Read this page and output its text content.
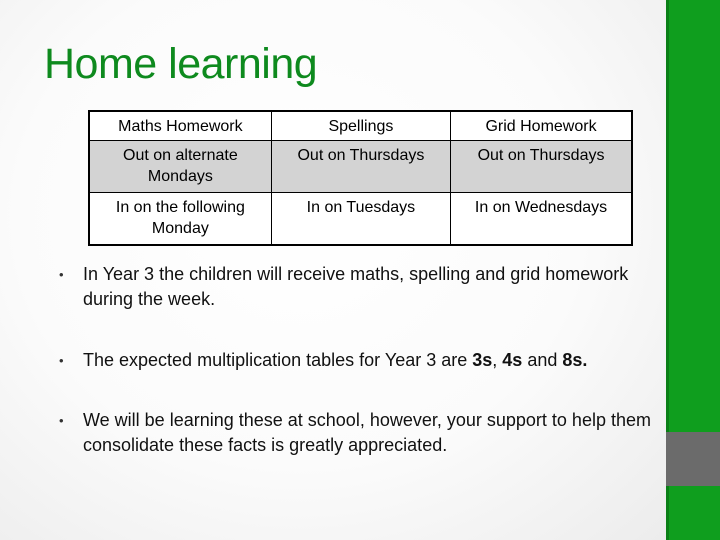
Home learning
Maths Homework	Spellings	Grid Homework
Out on alternate Mondays	Out on Thursdays	Out on Thursdays
In on the following Monday	In on Tuesdays	In on Wednesdays
• In Year 3 the children will receive maths, spelling and grid homework during the week.
• The expected multiplication tables for Year 3 are 3s, 4s and 8s.
• We will be learning these at school, however, your support to help them consolidate these facts is greatly appreciated.
